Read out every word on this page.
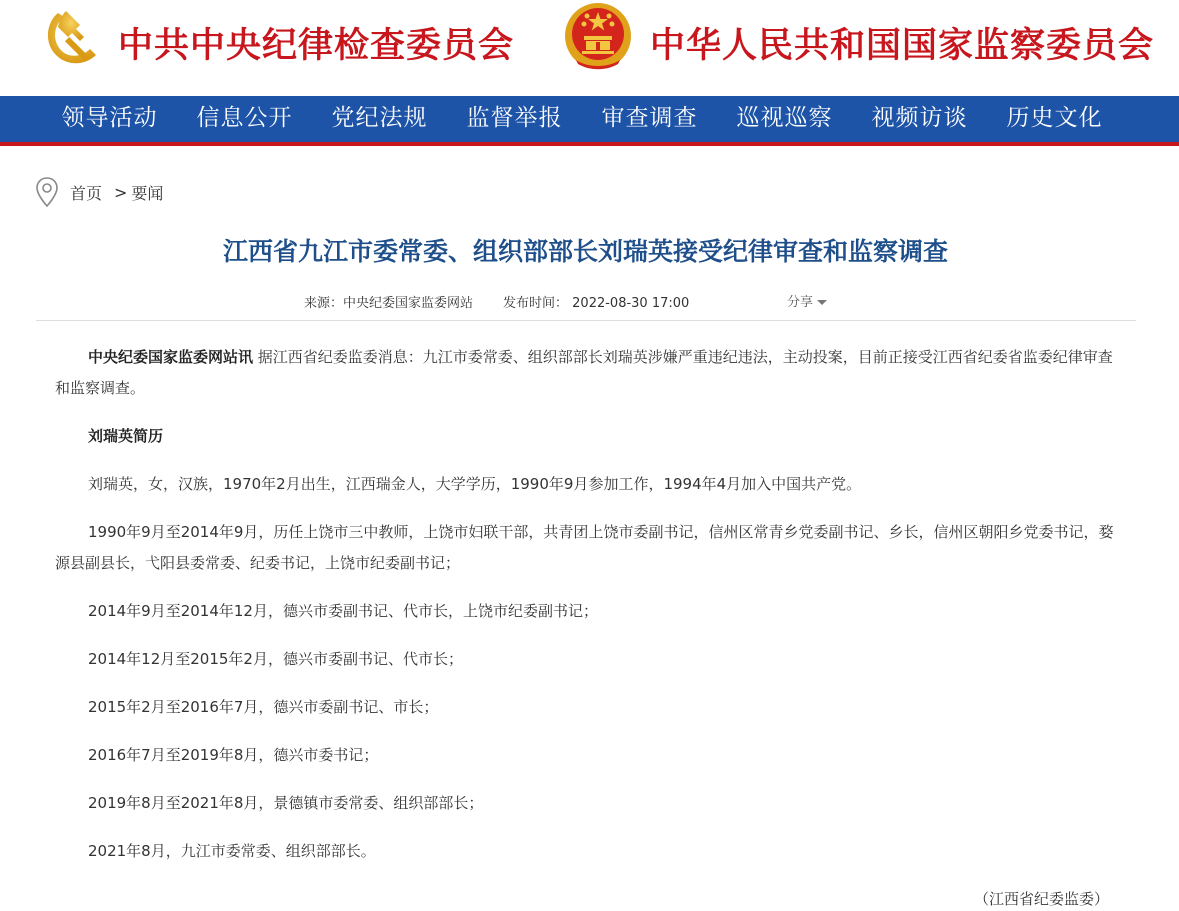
中共中央纪律检查委员会	中华人民共和国国家监察委员会
领导活动	信息公开	党纪法规	监督举报	审查调查	巡视巡察	视频访谈	历史文化
首页 > 要闻
江西省九江市委常委、组织部部长刘瑞英接受纪律审查和监察调查
来源：中央纪委国家监委网站 发布时间： 2022-08-30 17:00	分享

中央纪委国家监委网站讯 据江西省纪委监委消息：九江市委常委、组织部部长刘瑞英涉嫌严重违纪违法，主动投案，目前正接受江西省纪委省监委纪律审查和监察调查。

刘瑞英简历

刘瑞英，女，汉族，1970年2月出生，江西瑞金人，大学学历，1990年9月参加工作，1994年4月加入中国共产党。

1990年9月至2014年9月，历任上饶市三中教师，上饶市妇联干部，共青团上饶市委副书记，信州区常青乡党委副书记、乡长，信州区朝阳乡党委书记，婺源县副县长，弋阳县委常委、纪委书记，上饶市纪委副书记；

2014年9月至2014年12月，德兴市委副书记、代市长，上饶市纪委副书记；

2014年12月至2015年2月，德兴市委副书记、代市长；

2015年2月至2016年7月，德兴市委副书记、市长；

2016年7月至2019年8月，德兴市委书记；

2019年8月至2021年8月，景德镇市委常委、组织部部长；

2021年8月，九江市委常委、组织部部长。

（江西省纪委监委）
